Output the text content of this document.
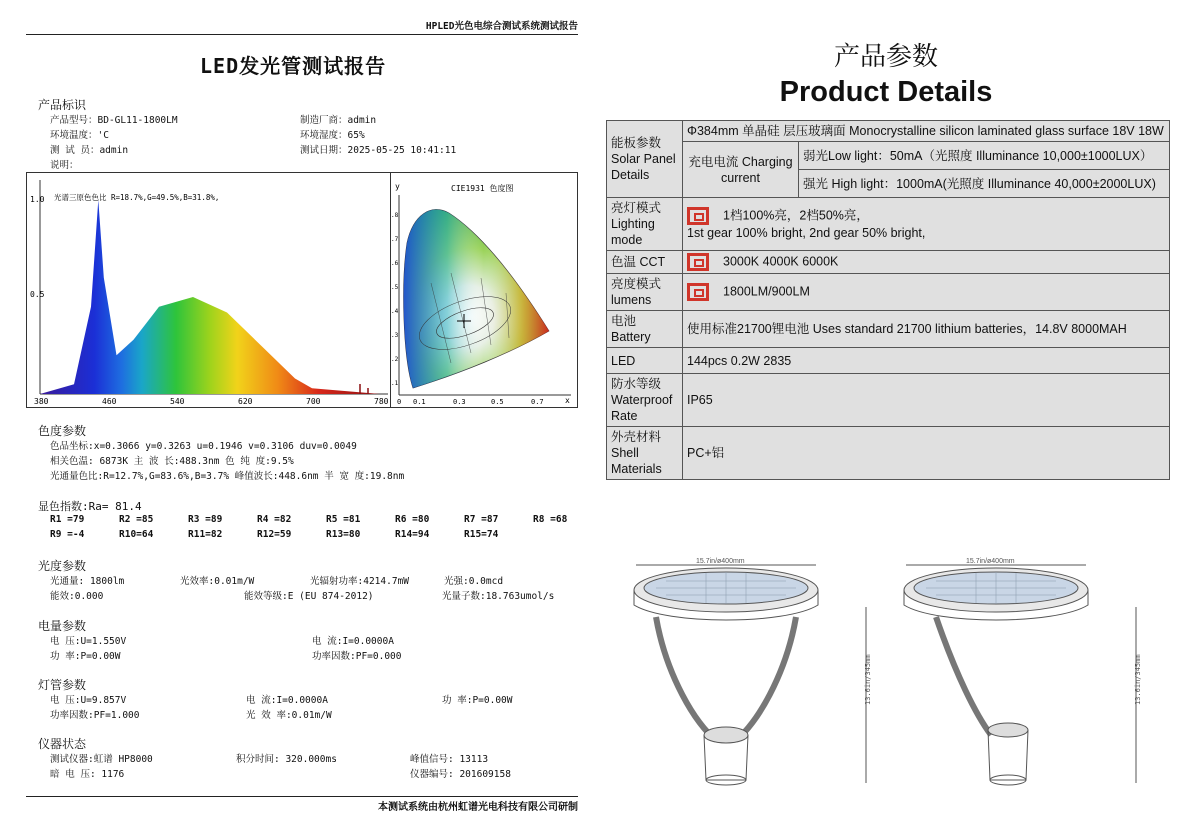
HPLED光色电综合测试系统测试报告
LED发光管测试报告
产品标识
产品型号：BD-GL11-1800LM	制造厂商：admin
环境温度：'C	环境湿度：65%
测 试 员：admin	测试日期：2025-05-25 10:41:11
说明：
1.0
0.5
光谱三原色色比 R=18.7%,G=49.5%,B=31.8%,
380	460	540	620	700	780
y	CIE1931 色度图
.8
.7
.6
.5
.4
.3
.2
.1
0 0.1	0.3	0.5	0.7	x
色度参数
色品坐标:x=0.3066 y=0.3263 u=0.1946 v=0.3106 duv=0.0049
相关色温: 6873K 主 波 长:488.3nm 色 纯 度:9.5%
光通量色比:R=12.7%,G=83.6%,B=3.7% 峰值波长:448.6nm 半 宽 度:19.8nm
显色指数:Ra= 81.4
R1 =79	R2 =85	R3 =89	R4 =82	R5 =81	R6 =80	R7 =87	R8 =68
R9 =-4	R10=64	R11=82	R12=59	R13=80	R14=94	R15=74
光度参数
光通量: 1800lm	光效率:0.01m/W	光辐射功率:4214.7mW	光强:0.0mcd
能效:0.000	能效等级:E (EU 874-2012)	光量子数:18.763umol/s
电量参数
电 压:U=1.550V	电 流:I=0.0000A
功 率:P=0.00W	功率因数:PF=0.000
灯管参数
电 压:U=9.857V	电 流:I=0.0000A	功 率:P=0.00W
功率因数:PF=1.000	光 效 率:0.01m/W
仪器状态
测试仪器:虹谱 HP8000	积分时间: 320.000ms	峰值信号: 13113
暗 电 压: 1176	仪器编号: 201609158
本测试系统由杭州虹谱光电科技有限公司研制
产品参数
Product Details
能板参数 Solar Panel Details	Φ384mm 单晶硅 层压玻璃面 Monocrystalline silicon laminated glass surface 18V 18W	
	充电电流 Charging current	弱光Low light：50mA（光照度 Illuminance 10,000±1000LUX）
		强光 High light：1000mA(光照度 Illuminance 40,000±2000LUX)
亮灯模式 Lighting mode	1档100%亮，2档50%亮，
1st gear 100% bright, 2nd gear 50% bright,	

色温 CCT	3000K 4000K 6000K	
亮度模式 lumens	1800LM/900LM	
电池 Battery	使用标准21700锂电池 Uses standard 21700 lithium batteries，14.8V 8000MAH	
LED	144pcs 0.2W 2835	
防水等级 Waterproof Rate	IP65	
外壳材料 Shell Materials	PC+铝	
13.6in/345mm
15.7in/ø400mm
13.6in/345mm
15.7in/ø400mm
